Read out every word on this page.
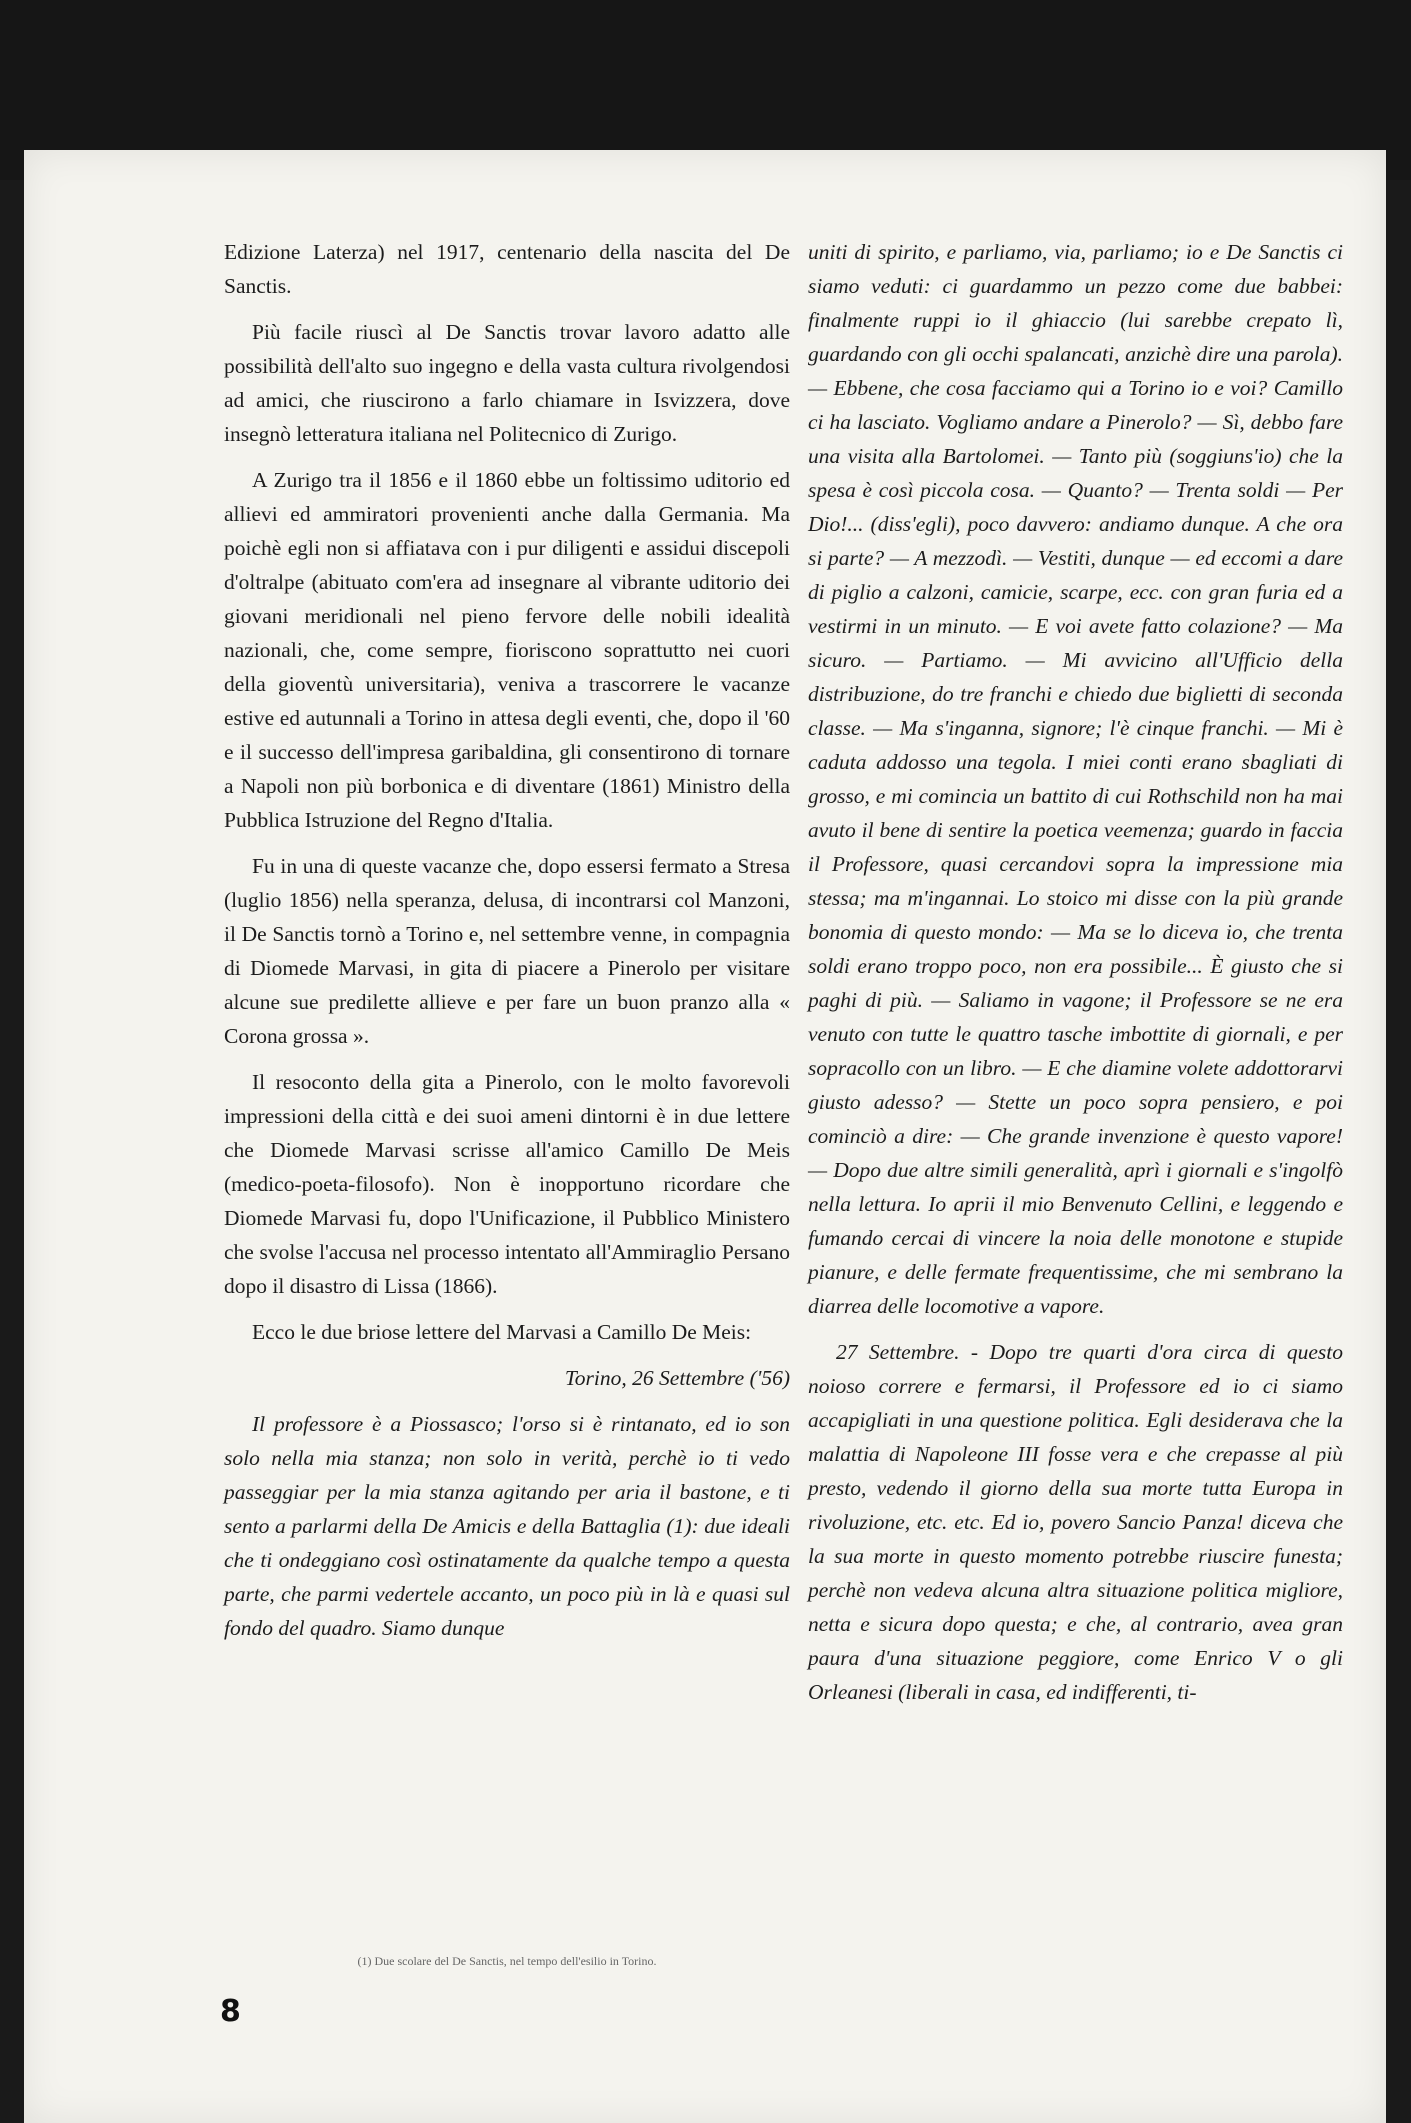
Edizione Laterza) nel 1917, centenario della nascita del De Sanctis.

Più facile riuscì al De Sanctis trovar lavoro adatto alle possibilità dell'alto suo ingegno e della vasta cultura rivolgendosi ad amici, che riuscirono a farlo chiamare in Isvizzera, dove insegnò letteratura italiana nel Politecnico di Zurigo.

A Zurigo tra il 1856 e il 1860 ebbe un foltissimo uditorio ed allievi ed ammiratori provenienti anche dalla Germania. Ma poichè egli non si affiatava con i pur diligenti e assidui discepoli d'oltralpe (abituato com'era ad insegnare al vibrante uditorio dei giovani meridionali nel pieno fervore delle nobili idealità nazionali, che, come sempre, fioriscono soprattutto nei cuori della gioventù universitaria), veniva a trascorrere le vacanze estive ed autunnali a Torino in attesa degli eventi, che, dopo il '60 e il successo dell'impresa garibaldina, gli consentirono di tornare a Napoli non più borbonica e di diventare (1861) Ministro della Pubblica Istruzione del Regno d'Italia.

Fu in una di queste vacanze che, dopo essersi fermato a Stresa (luglio 1856) nella speranza, delusa, di incontrarsi col Manzoni, il De Sanctis tornò a Torino e, nel settembre venne, in compagnia di Diomede Marvasi, in gita di piacere a Pinerolo per visitare alcune sue predilette allieve e per fare un buon pranzo alla « Corona grossa ».

Il resoconto della gita a Pinerolo, con le molto favorevoli impressioni della città e dei suoi ameni dintorni è in due lettere che Diomede Marvasi scrisse all'amico Camillo De Meis (medico-poeta-filosofo). Non è inopportuno ricordare che Diomede Marvasi fu, dopo l'Unificazione, il Pubblico Ministero che svolse l'accusa nel processo intentato all'Ammiraglio Persano dopo il disastro di Lissa (1866).

Ecco le due briose lettere del Marvasi a Camillo De Meis:

Torino, 26 Settembre ('56)

Il professore è a Piossasco; l'orso si è rintanato, ed io son solo nella mia stanza; non solo in verità, perchè io ti vedo passeggiar per la mia stanza agitando per aria il bastone, e ti sento a parlarmi della De Amicis e della Battaglia (1): due ideali che ti ondeggiano così ostinatamente da qualche tempo a questa parte, che parmi vedertele accanto, un poco più in là e quasi sul fondo del quadro. Siamo dunque

uniti di spirito, e parliamo, via, parliamo; io e De Sanctis ci siamo veduti: ci guardammo un pezzo come due babbei: finalmente ruppi io il ghiaccio (lui sarebbe crepato lì, guardando con gli occhi spalancati, anzichè dire una parola). — Ebbene, che cosa facciamo qui a Torino io e voi? Camillo ci ha lasciato. Vogliamo andare a Pinerolo? — Sì, debbo fare una visita alla Bartolomei. — Tanto più (soggiuns'io) che la spesa è così piccola cosa. — Quanto? — Trenta soldi — Per Dio!... (diss'egli), poco davvero: andiamo dunque. A che ora si parte? — A mezzodì. — Vestiti, dunque — ed eccomi a dare di piglio a calzoni, camicie, scarpe, ecc. con gran furia ed a vestirmi in un minuto. — E voi avete fatto colazione? — Ma sicuro. — Partiamo. — Mi avvicino all'Ufficio della distribuzione, do tre franchi e chiedo due biglietti di seconda classe. — Ma s'inganna, signore; l'è cinque franchi. — Mi è caduta addosso una tegola. I miei conti erano sbagliati di grosso, e mi comincia un battito di cui Rothschild non ha mai avuto il bene di sentire la poetica veemenza; guardo in faccia il Professore, quasi cercandovi sopra la impressione mia stessa; ma m'ingannai. Lo stoico mi disse con la più grande bonomia di questo mondo: — Ma se lo diceva io, che trenta soldi erano troppo poco, non era possibile... È giusto che si paghi di più. — Saliamo in vagone; il Professore se ne era venuto con tutte le quattro tasche imbottite di giornali, e per sopracollo con un libro. — E che diamine volete addottorarvi giusto adesso? — Stette un poco sopra pensiero, e poi cominciò a dire: — Che grande invenzione è questo vapore! — Dopo due altre simili generalità, aprì i giornali e s'ingolfò nella lettura. Io aprii il mio Benvenuto Cellini, e leggendo e fumando cercai di vincere la noia delle monotone e stupide pianure, e delle fermate frequentissime, che mi sembrano la diarrea delle locomotive a vapore.

27 Settembre. - Dopo tre quarti d'ora circa di questo noioso correre e fermarsi, il Professore ed io ci siamo accapigliati in una questione politica. Egli desiderava che la malattia di Napoleone III fosse vera e che crepasse al più presto, vedendo il giorno della sua morte tutta Europa in rivoluzione, etc. etc. Ed io, povero Sancio Panza! diceva che la sua morte in questo momento potrebbe riuscire funesta; perchè non vedeva alcuna altra situazione politica migliore, netta e sicura dopo questa; e che, al contrario, avea gran paura d'una situazione peggiore, come Enrico V o gli Orleanesi (liberali in casa, ed indifferenti, ti-

(1) Due scolare del De Sanctis, nel tempo dell'esilio in Torino.
8
